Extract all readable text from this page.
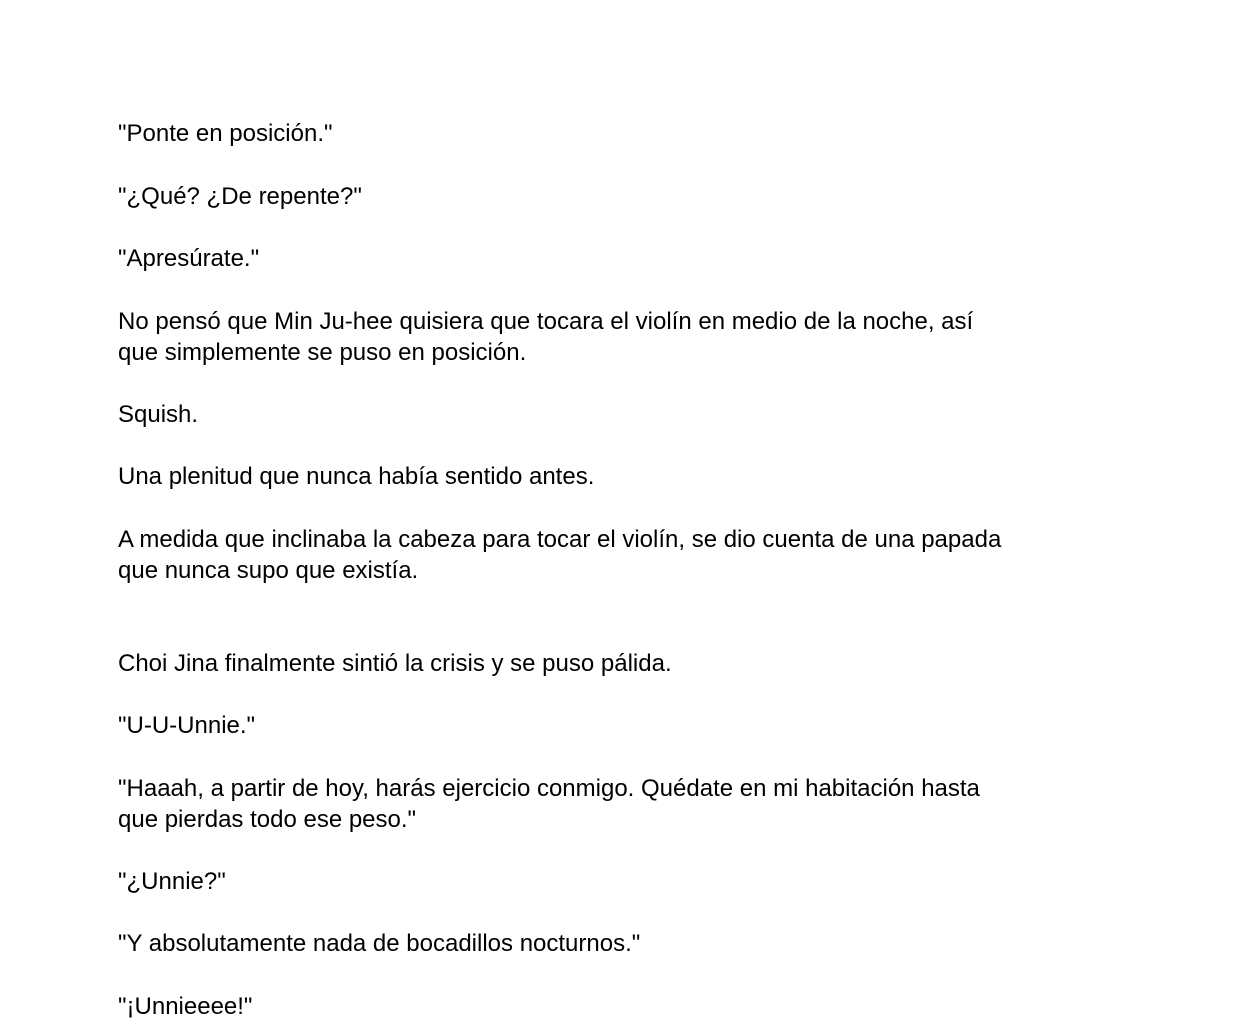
"Ponte en posición."

"¿Qué? ¿De repente?"

"Apresúrate."

No pensó que Min Ju-hee quisiera que tocara el violín en medio de la noche, así
que simplemente se puso en posición.

Squish.

Una plenitud que nunca había sentido antes.

A medida que inclinaba la cabeza para tocar el violín, se dio cuenta de una papada
que nunca supo que existía.

Choi Jina finalmente sintió la crisis y se puso pálida.

"U-U-Unnie."

"Haaah, a partir de hoy, harás ejercicio conmigo. Quédate en mi habitación hasta
que pierdas todo ese peso."

"¿Unnie?"

"Y absolutamente nada de bocadillos nocturnos."

"¡Unnieeee!"
